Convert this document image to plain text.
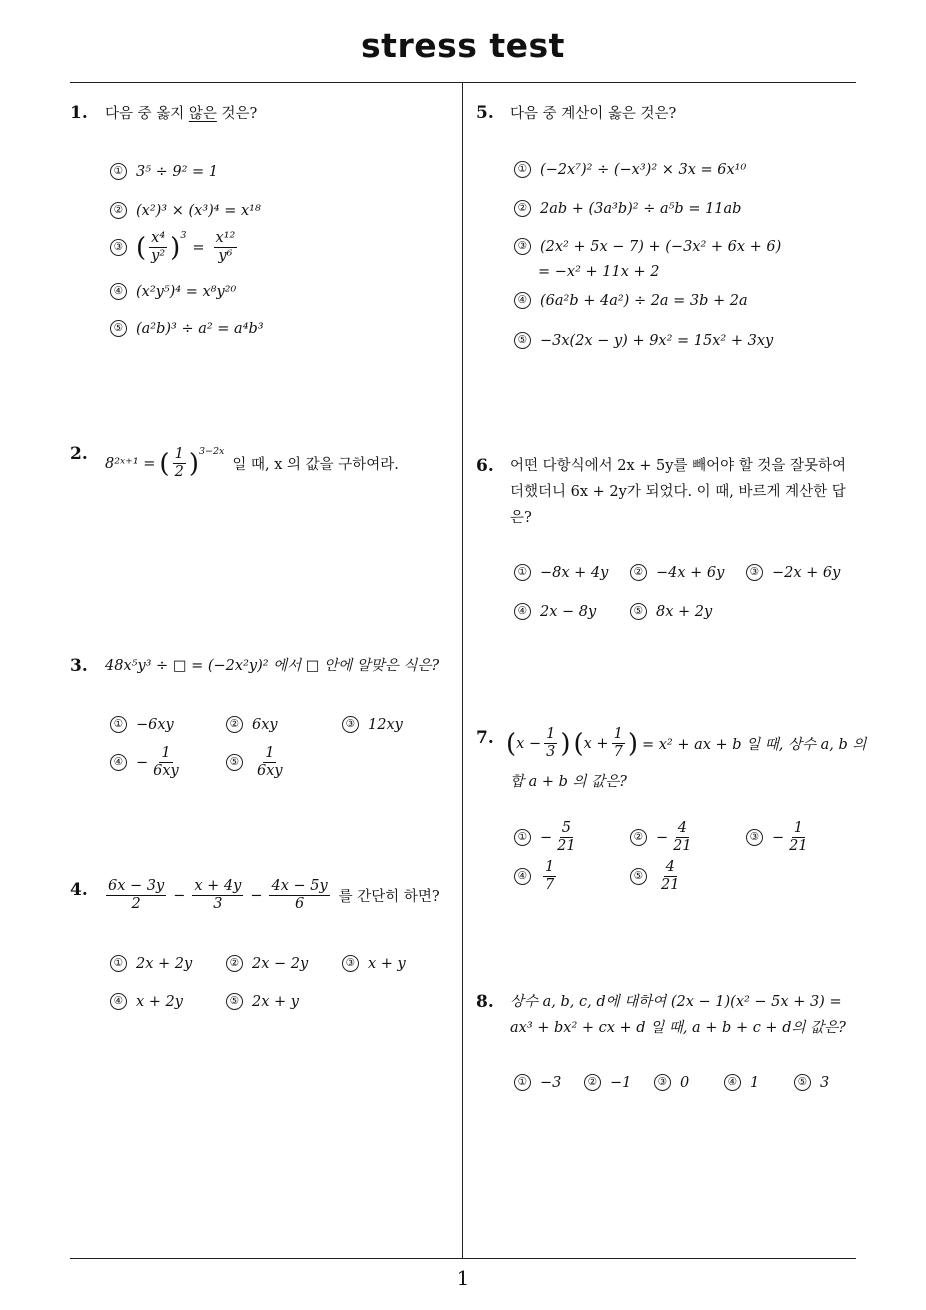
stress test
1
1. 다음 중 옳지 않은 것은?
① 3⁵ ÷ 9² = 1
② (x²)³ × (x³)⁴ = x¹⁸
③ ( $\frac{\text{x⁴}}{\text{y²}} )^3$
= $\frac{\text{x¹²}}{\text{y⁶}}$
④ (x²y⁵)⁴ = x⁸y²⁰
⑤ (a²b)³ ÷ a² = a⁴b³
2. 8²ˣ⁺¹ = ( $\frac{1}{2} )^{3-2x}$
일 때, x 의 값을 구하여라.
3. 48x⁵y³ ÷ □ = (−2x²y)² 에서 □ 안에 알맞은 식은?
① −6xy	② 6xy	③ 12xy
④ − $\frac{1}{6xy}$	⑤ $\frac{1}{6xy}$
4. $\frac{6x - 3y}{2} - \frac{x + 4y}{3} - \frac{4x - 5y}{6}$ 를 간단히 하면?
① 2x + 2y	② 2x − 2y	③ x + y
④ x + 2y	⑤ 2x + y
5. 다음 중 계산이 옳은 것은?
① (−2x⁷)² ÷ (−x³)² × 3x = 6x¹⁰
② 2ab + (3a³b)² ÷ a⁵b = 11ab
③ (2x² + 5x − 7) + (−3x² + 6x + 6)
= −x² + 11x + 2
④ (6a²b + 4a²) ÷ 2a = 3b + 2a
⑤ −3x(2x − y) + 9x² = 15x² + 3xy
6. 어떤 다항식에서 2x + 5y를 빼어야 할 것을 잘못하여
더했더니 6x + 2y가 되었다. 이 때, 바르게 계산한 답
은?
① −8x + 4y	② −4x + 6y	③ −2x + 6y
④ 2x − 8y	⑤ 8x + 2y
7. ( $x - \frac{1}{3}$ ) ( $x + \frac{1}{7}$ ) = x² + ax + b 일 때, 상수 a, b 의
합 a + b 의 값은?
① − $\frac{5}{21}$	② − $\frac{4}{21}$	③ − $\frac{1}{21}$
④ $\frac{1}{7}$	⑤ $\frac{4}{21}$
8. 상수 a, b, c, d에 대하여 (2x − 1)(x² − 5x + 3) =
ax³ + bx² + cx + d 일 때, a + b + c + d의 값은?
① −3	② −1	③ 0	④ 1	⑤ 3
